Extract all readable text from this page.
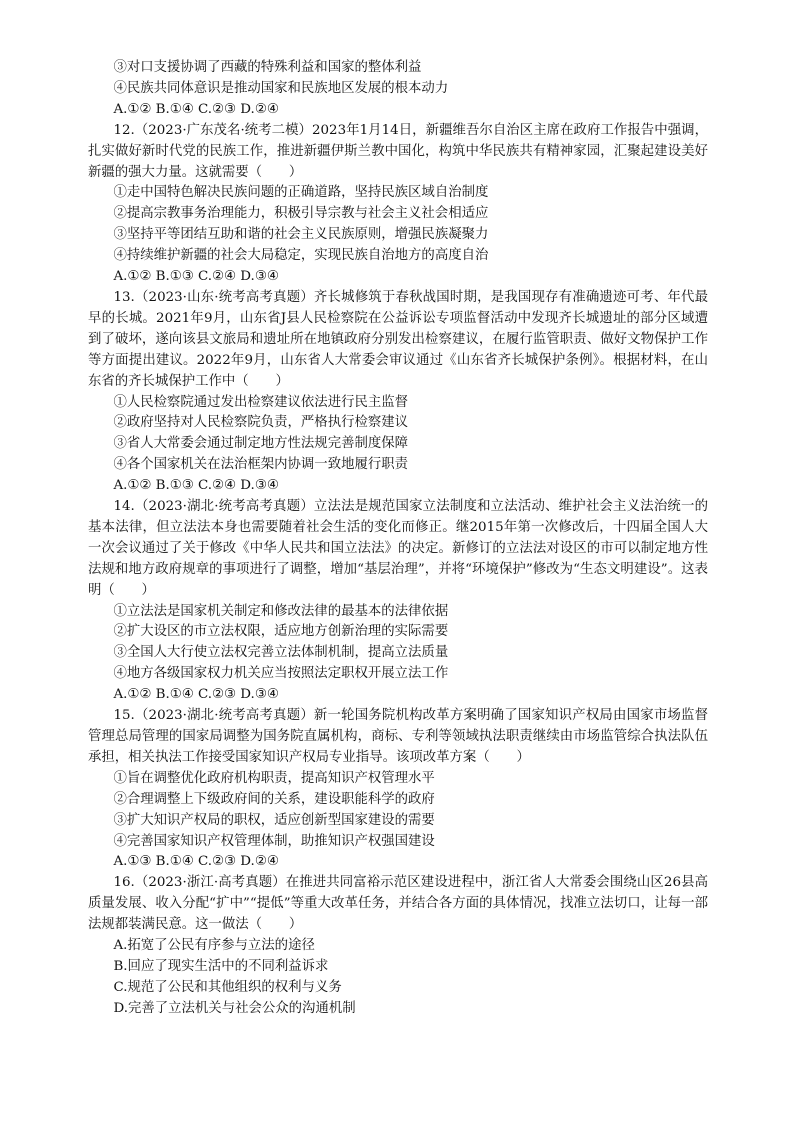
③对口支援协调了西藏的特殊利益和国家的整体利益
④民族共同体意识是推动国家和民族地区发展的根本动力
A.①② B.①④ C.②③ D.②④
12.（2023·广东茂名·统考二模）2023年1月14日，新疆维吾尔自治区主席在政府工作报告中强调，扎实做好新时代党的民族工作，推进新疆伊斯兰教中国化，构筑中华民族共有精神家园，汇聚起建设美好新疆的强大力量。这就需要（　　）
①走中国特色解决民族问题的正确道路，坚持民族区域自治制度
②提高宗教事务治理能力，积极引导宗教与社会主义社会相适应
③坚持平等团结互助和谐的社会主义民族原则，增强民族凝聚力
④持续维护新疆的社会大局稳定，实现民族自治地方的高度自治
A.①② B.①③ C.②④ D.③④
13.（2023·山东·统考高考真题）齐长城修筑于春秋战国时期，是我国现存有准确遗迹可考、年代最早的长城。2021年9月，山东省J县人民检察院在公益诉讼专项监督活动中发现齐长城遗址的部分区域遭到了破坏，遂向该县文旅局和遗址所在地镇政府分别发出检察建议，在履行监管职责、做好文物保护工作等方面提出建议。2022年9月，山东省人大常委会审议通过《山东省齐长城保护条例》。根据材料，在山东省的齐长城保护工作中（　　）
①人民检察院通过发出检察建议依法进行民主监督
②政府坚持对人民检察院负责，严格执行检察建议
③省人大常委会通过制定地方性法规完善制度保障
④各个国家机关在法治框架内协调一致地履行职责
A.①② B.①③ C.②④ D.③④
14.（2023·湖北·统考高考真题）立法法是规范国家立法制度和立法活动、维护社会主义法治统一的基本法律，但立法法本身也需要随着社会生活的变化而修正。继2015年第一次修改后，十四届全国人大一次会议通过了关于修改《中华人民共和国立法法》的决定。新修订的立法法对设区的市可以制定地方性法规和地方政府规章的事项进行了调整，增加“基层治理”，并将“环境保护”修改为“生态文明建设”。这表明（　　）
①立法法是国家机关制定和修改法律的最基本的法律依据
②扩大设区的市立法权限，适应地方创新治理的实际需要
③全国人大行使立法权完善立法体制机制，提高立法质量
④地方各级国家权力机关应当按照法定职权开展立法工作
A.①② B.①④ C.②③ D.③④
15.（2023·湖北·统考高考真题）新一轮国务院机构改革方案明确了国家知识产权局由国家市场监督管理总局管理的国家局调整为国务院直属机构，商标、专利等领域执法职责继续由市场监管综合执法队伍承担，相关执法工作接受国家知识产权局专业指导。该项改革方案（　　）
①旨在调整优化政府机构职责，提高知识产权管理水平
②合理调整上下级政府间的关系，建设职能科学的政府
③扩大知识产权局的职权，适应创新型国家建设的需要
④完善国家知识产权管理体制，助推知识产权强国建设
A.①③ B.①④ C.②③ D.②④
16.（2023·浙江·高考真题）在推进共同富裕示范区建设进程中，浙江省人大常委会围绕山区26县高质量发展、收入分配“扩中”“提低”等重大改革任务，并结合各方面的具体情况，找准立法切口，让每一部法规都装满民意。这一做法（　　）
A.拓宽了公民有序参与立法的途径
B.回应了现实生活中的不同利益诉求
C.规范了公民和其他组织的权利与义务
D.完善了立法机关与社会公众的沟通机制
